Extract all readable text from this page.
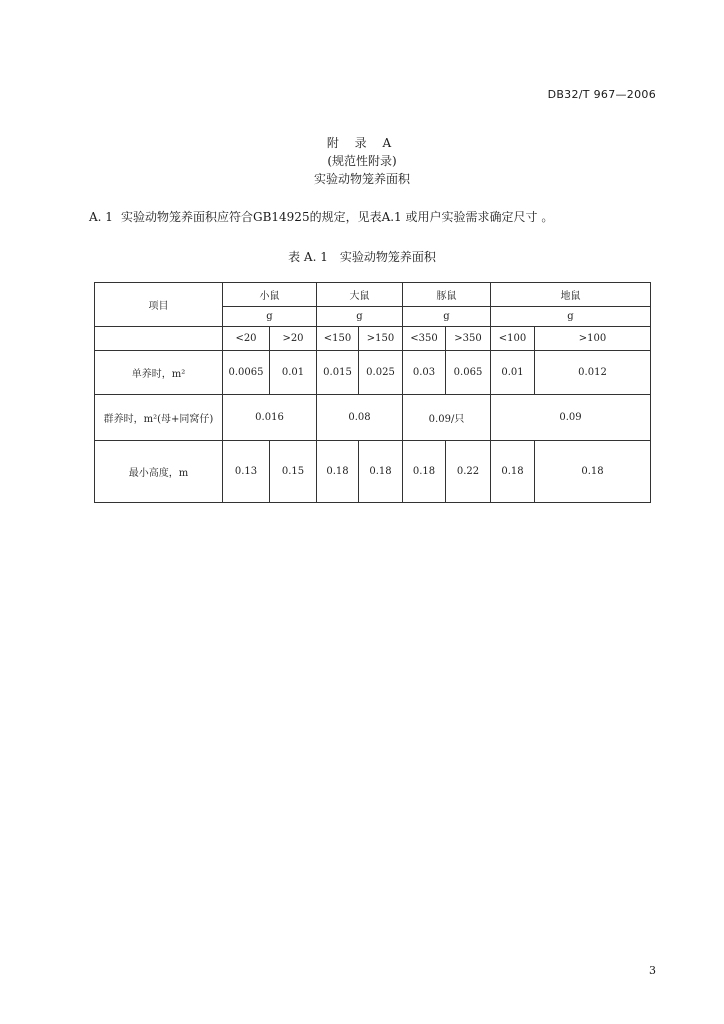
DB32/T 967—2006
附 录 A
(规范性附录)
实验动物笼养面积
A. 1 实验动物笼养面积应符合GB14925的规定，见表A.1 或用户实验需求确定尺寸 。
表 A. 1 实验动物笼养面积
项目	小鼠		大鼠		豚鼠		地鼠	
	g		g		g		g	
	<20	>20	<150	>150	<350	>350	<100	>100
单养时，m²	0.0065	0.01	0.015	0.025	0.03	0.065	0.01	0.012
群养时，m²(母+同窝仔)	0.016		0.08		0.09/只		0.09	
最小高度，m	0.13	0.15	0.18	0.18	0.18	0.22	0.18	0.18
3
